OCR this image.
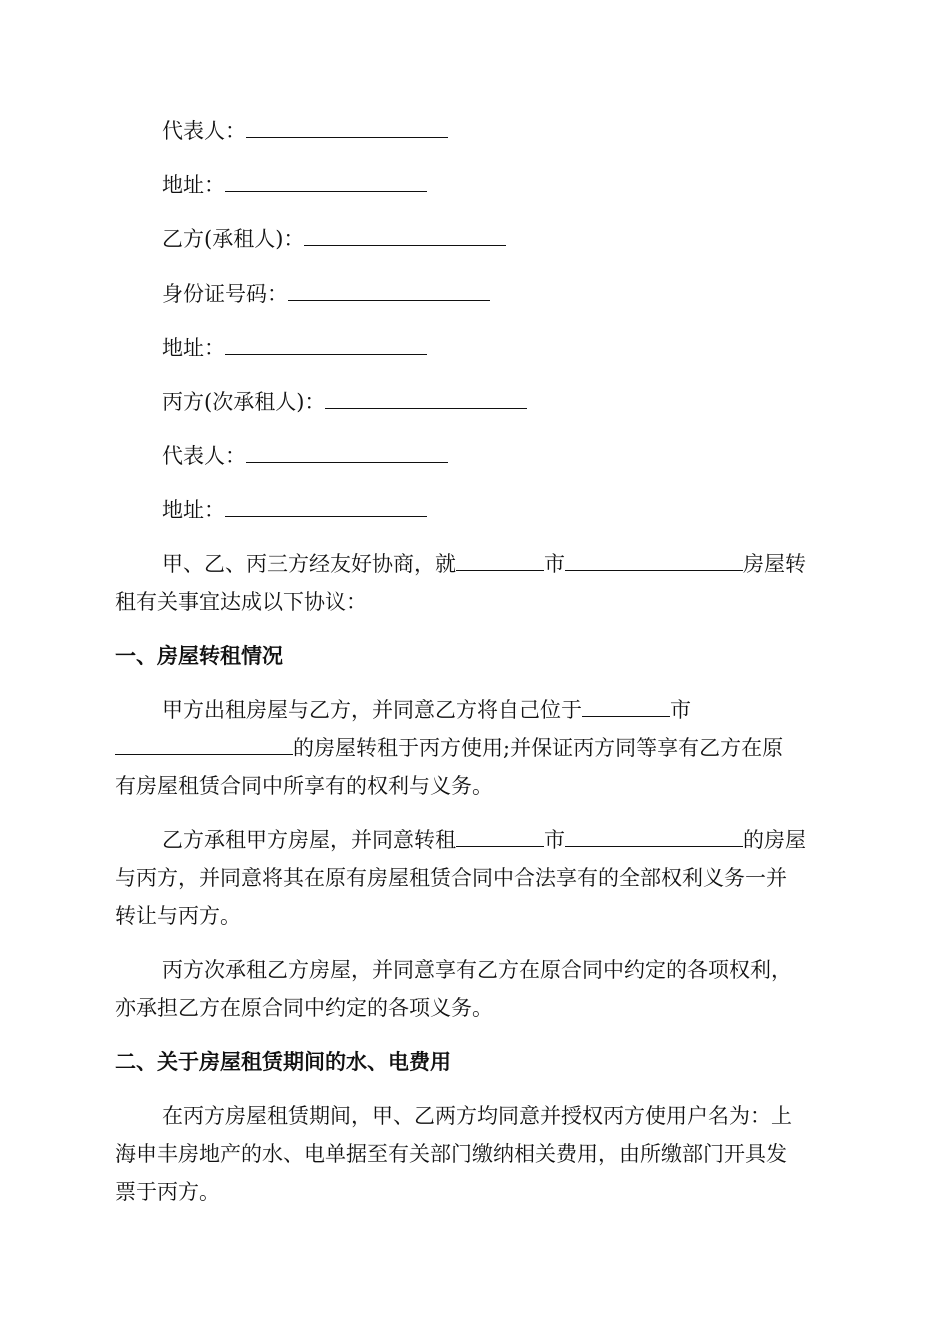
代表人：
地址：
乙方(承租人)：
身份证号码：
地址：
丙方(次承租人)：
代表人：
地址：
甲、乙、丙三方经友好协商，就	市	房屋转
租有关事宜达成以下协议：
一、房屋转租情况
甲方出租房屋与乙方，并同意乙方将自己位于	市
的房屋转租于丙方使用;并保证丙方同等享有乙方在原
有房屋租赁合同中所享有的权利与义务。
乙方承租甲方房屋，并同意转租	市	的房屋
与丙方，并同意将其在原有房屋租赁合同中合法享有的全部权利义务一并
转让与丙方。
丙方次承租乙方房屋，并同意享有乙方在原合同中约定的各项权利，
亦承担乙方在原合同中约定的各项义务。
二、关于房屋租赁期间的水、电费用
在丙方房屋租赁期间，甲、乙两方均同意并授权丙方使用户名为：上
海申丰房地产的水、电单据至有关部门缴纳相关费用，由所缴部门开具发
票于丙方。
